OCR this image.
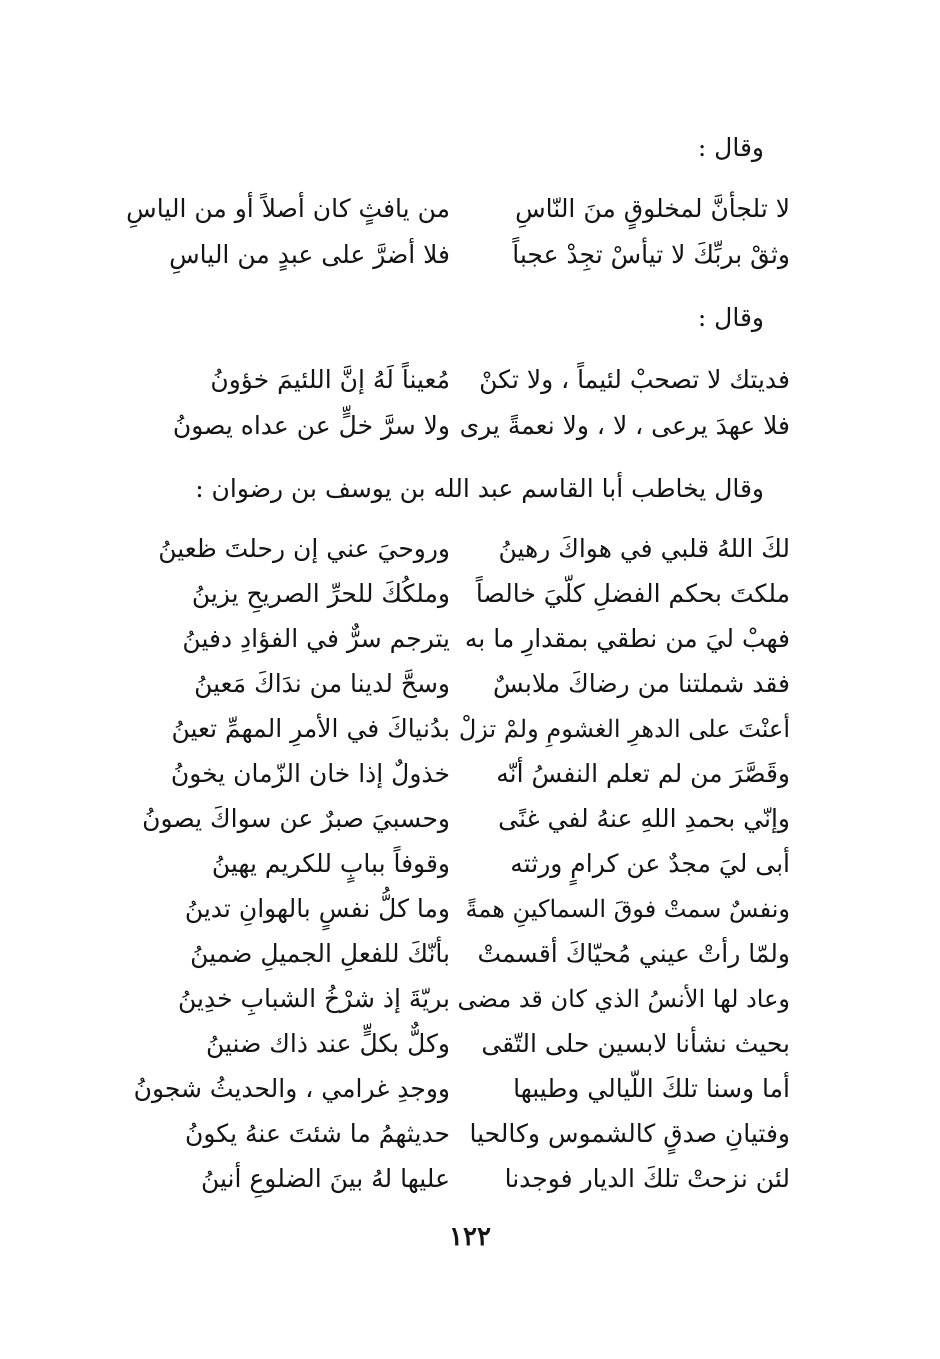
وقال :
لا تلجأنَّ لمخلوقٍ منَ النّاسِ
من يافثٍ كان أصلاً أو من الياسِ
وثقْ بربِّكَ لا تيأسْ تجِدْ عجباً
فلا أضرَّ على عبدٍ من الياسِ
وقال :
فديتك لا تصحبْ لئيماً ، ولا تكنْ
مُعيناً لَهُ إنَّ اللئيمَ خؤونُ
فلا عهدَ يرعى ، لا ، ولا نعمةً يرى
ولا سرَّ خلٍّ عن عداه يصونُ
وقال يخاطب أبا القاسم عبد الله بن يوسف بن رضوان :
لكَ اللهُ قلبي في هواكَ رهينُ
وروحيَ عني إن رحلتَ ظعينُ
ملكتَ بحكم الفضلِ كلّيَ خالصاً
وملكُكَ للحرِّ الصريحِ يزينُ
فهبْ ليَ من نطقي بمقدارِ ما به
يترجم سرٌّ في الفؤادِ دفينُ
فقد شملتنا من رضاكَ ملابسٌ
وسحَّ لدينا من ندَاكَ مَعينُ
أعنْتَ على الدهرِ الغشومِ ولمْ تزلْ
بدُنياكَ في الأمرِ المهمِّ تعينُ
وقَصَّرَ من لم تعلم النفسُ أنّه
خذولٌ إذا خان الزّمان يخونُ
وإنّي بحمدِ اللهِ عنهُ لفي غنًى
وحسبيَ صبرٌ عن سواكَ يصونُ
أبى ليَ مجدٌ عن كرامٍ ورثته
وقوفاً ببابٍ للكريم يهينُ
ونفسٌ سمتْ فوقَ السماكينِ همةً
وما كلُّ نفسٍ بالهوانِ تدينُ
ولمّا رأتْ عيني مُحيّاكَ أقسمتْ
بأنّكَ للفعلِ الجميلِ ضمينُ
وعاد لها الأنسُ الذي كان قد مضى
بريّةَ إذ شرْخُ الشبابِ خدِينُ
بحيث نشأنا لابسين حلى التّقى
وكلٌّ بكلٍّ عند ذاك ضنينُ
أما وسنا تلكَ اللّيالي وطيبها
ووجدِ غرامي ، والحديثُ شجونُ
وفتيانِ صدقٍ كالشموس وكالحيا
حديثهمُ ما شئتَ عنهُ يكونُ
لئن نزحتْ تلكَ الديار فوجدنا
عليها لهُ بينَ الضلوعِ أنينُ
١٢٢
